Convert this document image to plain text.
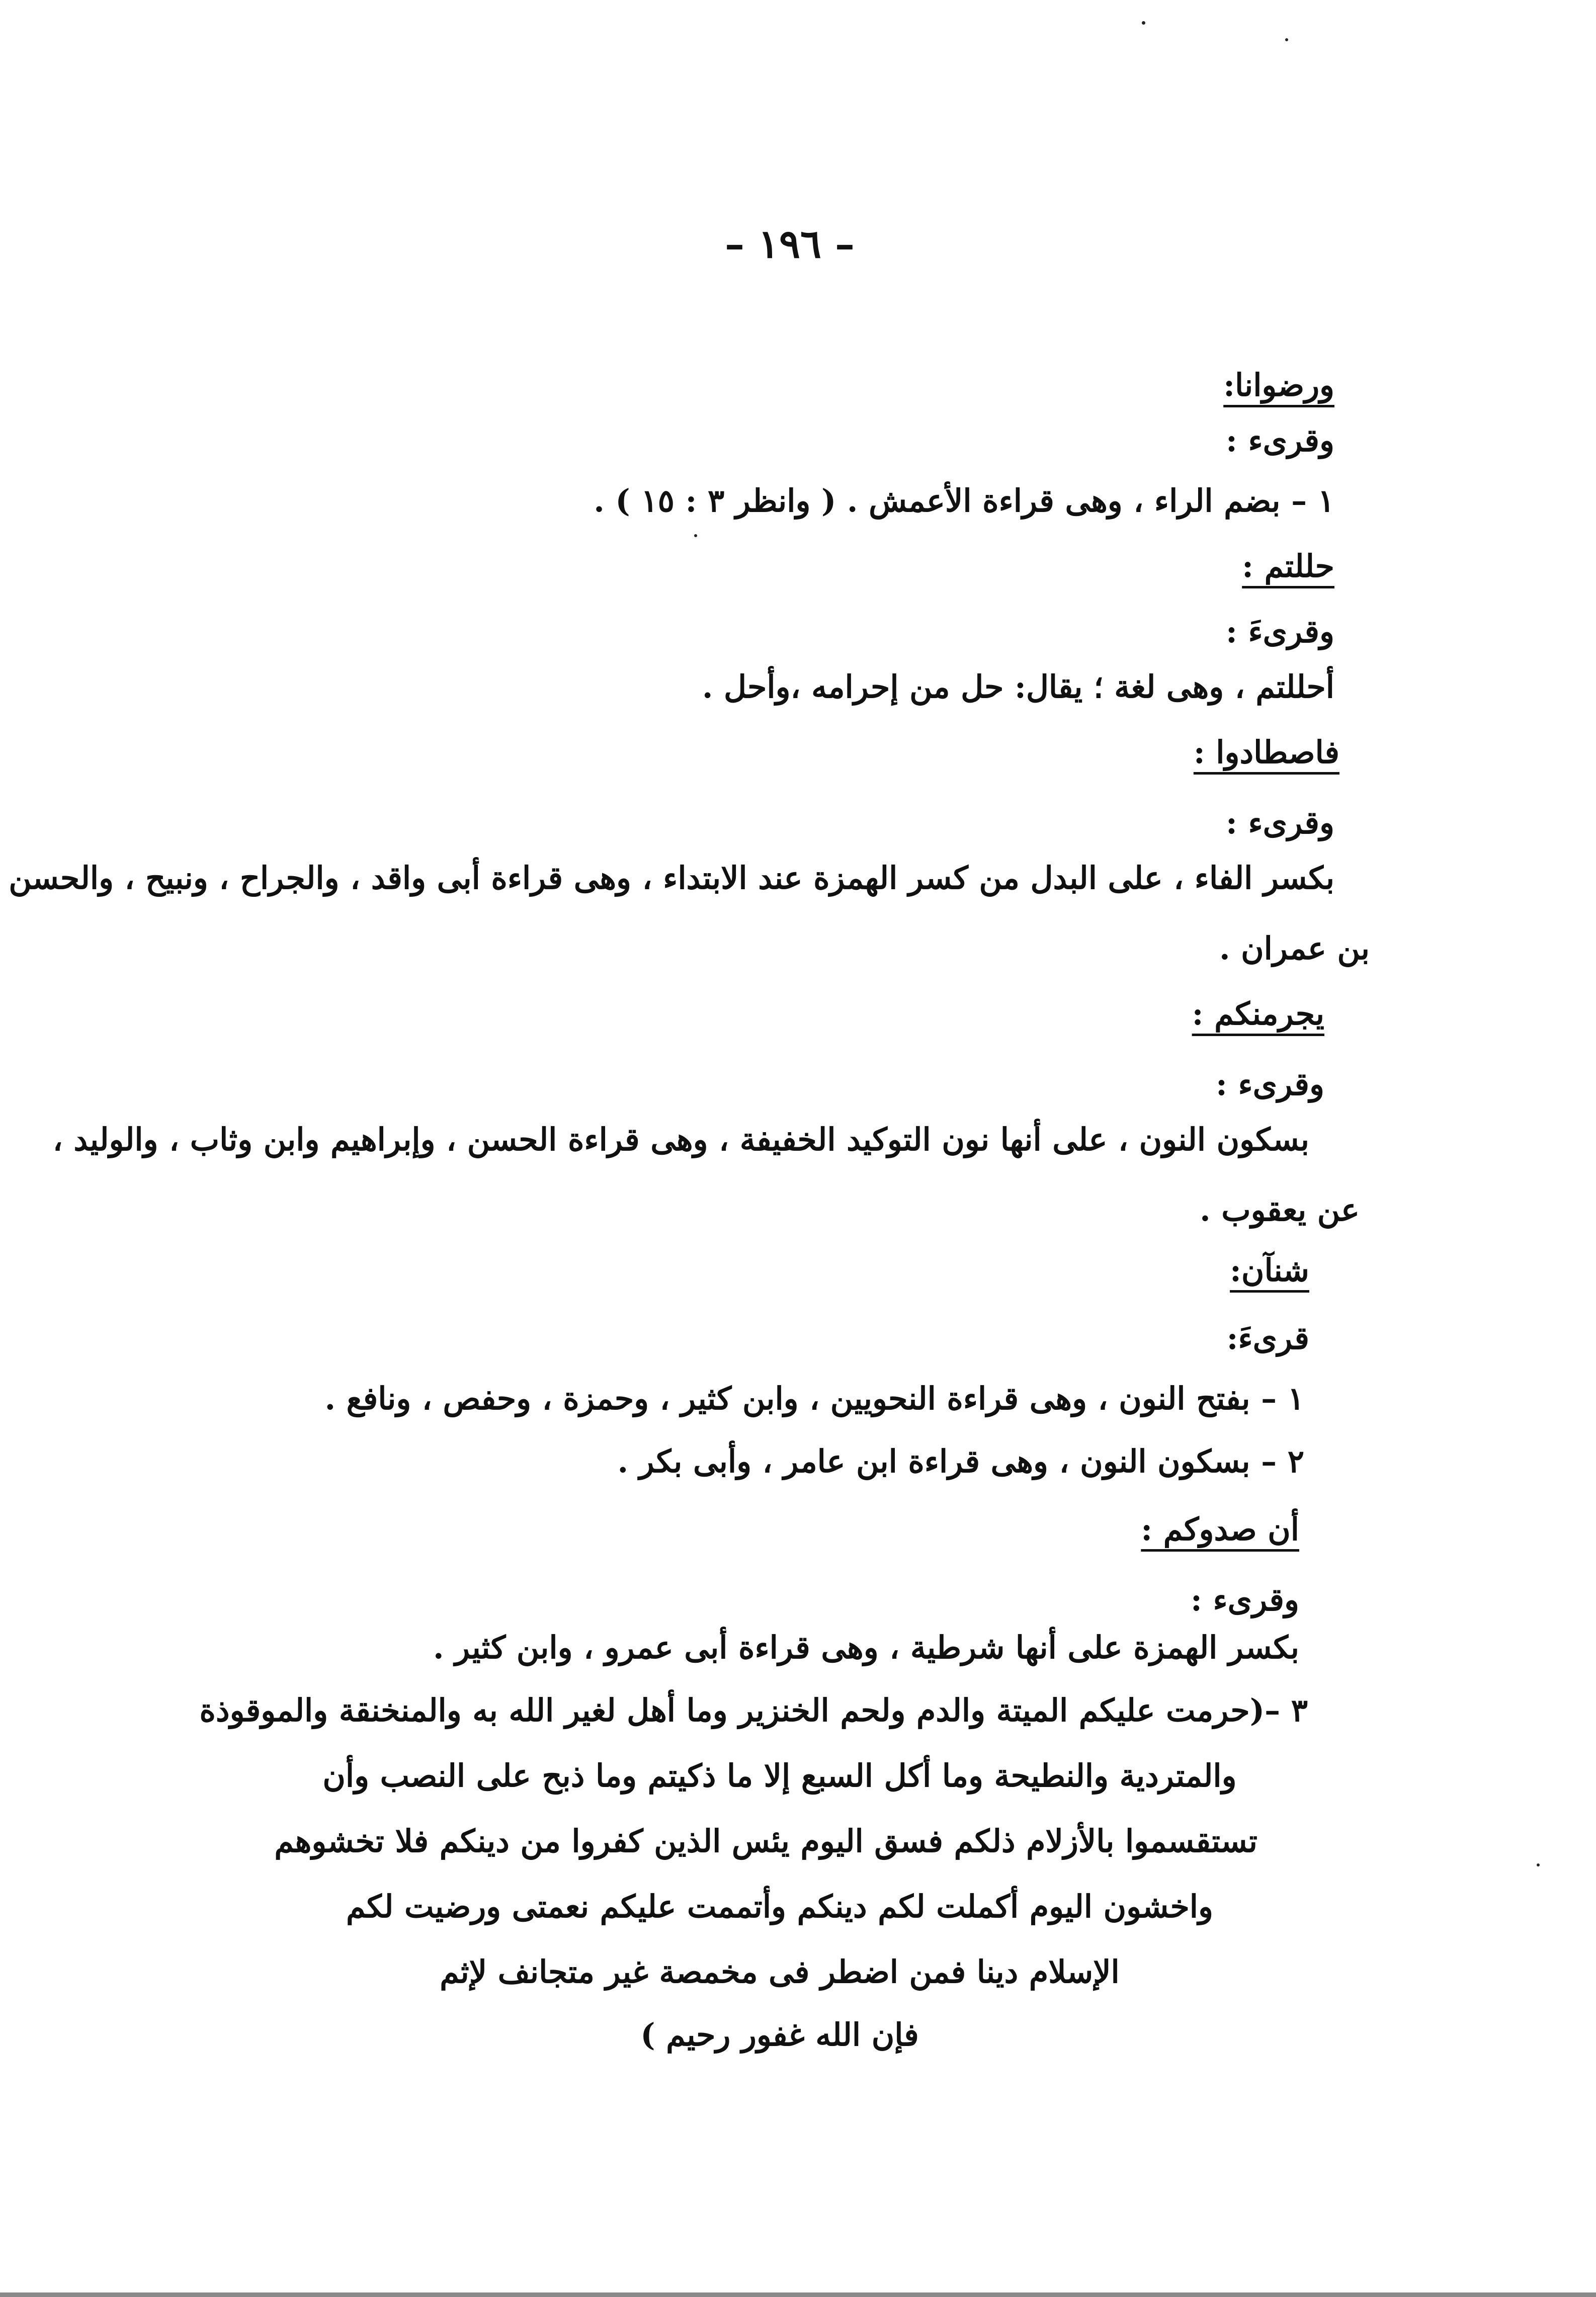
– ١٩٦ –
ورضوانا:
وقرىء :
١ – بضم الراء ، وهى قراءة الأعمش . ( وانظر ٣ : ١٥ ) .
حللتم :
وقرىءَ :
أحللتم ، وهى لغة ؛ يقال: حل من إحرامه ،وأحل .
فاصطادوا :
وقرىء :
بكسر الفاء ، على البدل من كسر الهمزة عند الابتداء ، وهى قراءة أبى واقد ، والجراح ، ونبيح ، والحسن
بن عمران .
يجرمنكم :
وقرىء :
بسكون النون ، على أنها نون التوكيد الخفيفة ، وهى قراءة الحسن ، وإبراهيم وابن وثاب ، والوليد ،
عن يعقوب .
شنآن:
قرىءَ:
١ – بفتح النون ، وهى قراءة النحويين ، وابن كثير ، وحمزة ، وحفص ، ونافع .
٢ – بسكون النون ، وهى قراءة ابن عامر ، وأبى بكر .
أن صدوكم :
وقرىء :
بكسر الهمزة على أنها شرطية ، وهى قراءة أبى عمرو ، وابن كثير .
٣ –(حرمت عليكم الميتة والدم ولحم الخنزير وما أهل لغير الله به والمنخنقة والموقوذة
والمتردية والنطيحة وما أكل السبع إلا ما ذكيتم وما ذبح على النصب وأن
تستقسموا بالأزلام ذلكم فسق اليوم يئس الذين كفروا من دينكم فلا تخشوهم
واخشون اليوم أكملت لكم دينكم وأتممت عليكم نعمتى ورضيت لكم
الإسلام دينا فمن اضطر فى مخمصة غير متجانف لإثم
فإن الله غفور رحيم )
